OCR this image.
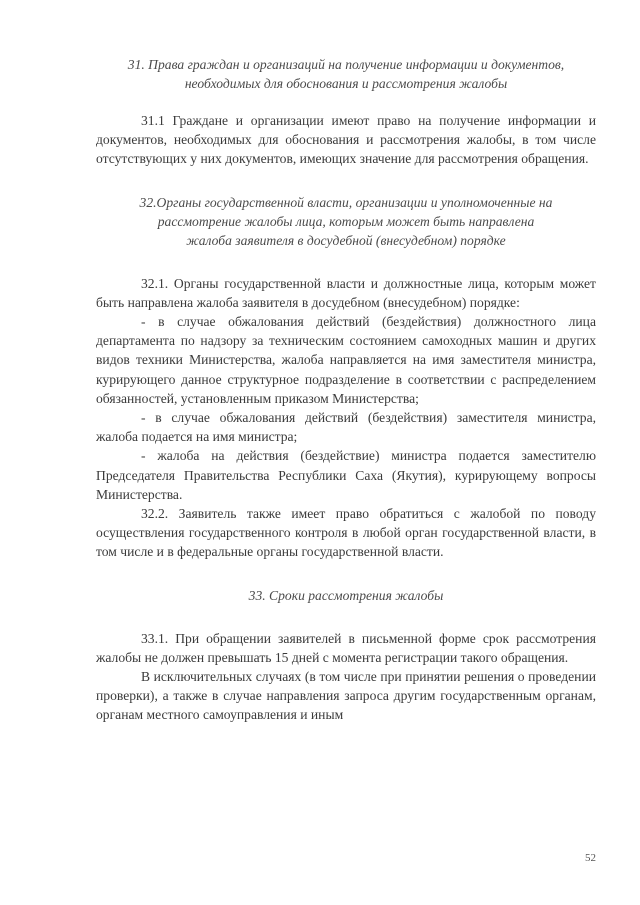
31. Права граждан и организаций на получение информации и документов,
необходимых для обоснования и рассмотрения жалобы

31.1 Граждане и организации имеют право на получение информации и документов, необходимых для обоснования и рассмотрения жалобы, в том числе отсутствующих у них документов, имеющих значение для рассмотрения обращения.

32.Органы государственной власти, организации и уполномоченные на
рассмотрение жалобы лица, которым может быть направлена
жалоба заявителя в досудебной (внесудебном) порядке

32.1. Органы государственной власти и должностные лица, которым может быть направлена жалоба заявителя в досудебном (внесудебном) порядке:

- в случае обжалования действий (бездействия) должностного лица департамента по надзору за техническим состоянием самоходных машин и других видов техники Министерства, жалоба направляется на имя заместителя министра, курирующего данное структурное подразделение в соответствии с распределением обязанностей, установленным приказом Министерства;

- в случае обжалования действий (бездействия) заместителя министра, жалоба подается на имя министра;

- жалоба на действия (бездействие) министра подается заместителю Председателя Правительства Республики Саха (Якутия), курирующему вопросы Министерства.

32.2. Заявитель также имеет право обратиться с жалобой по поводу осуществления государственного контроля в любой орган государственной власти, в том числе и в федеральные органы государственной власти.

33. Сроки рассмотрения жалобы

33.1. При обращении заявителей в письменной форме срок рассмотрения жалобы не должен превышать 15 дней с момента регистрации такого обращения.

В исключительных случаях (в том числе при принятии решения о проведении проверки), а также в случае направления запроса другим государственным органам, органам местного самоуправления и иным

52
